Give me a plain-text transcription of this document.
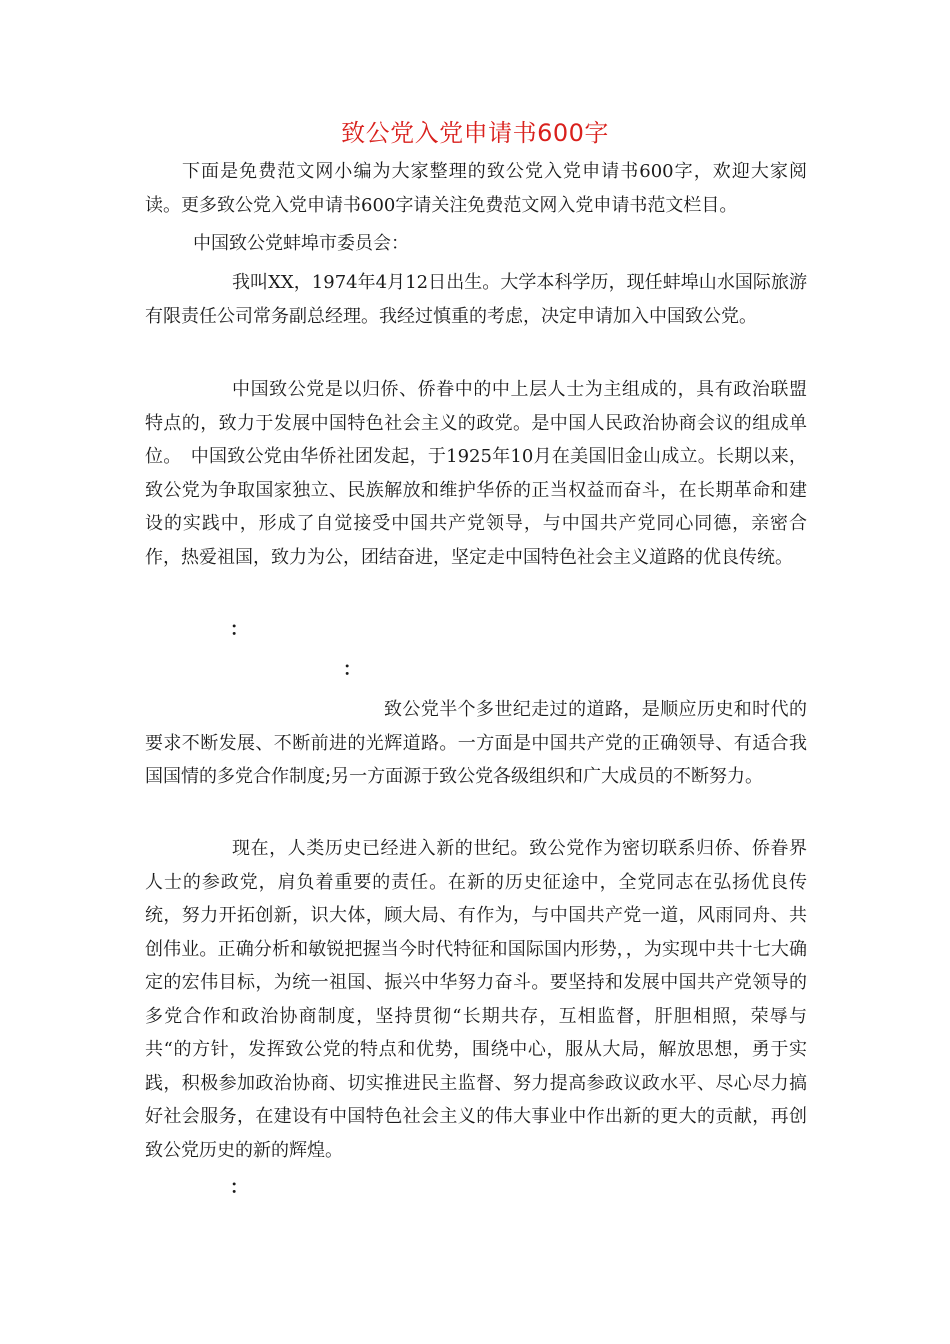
致公党入党申请书600字

下面是免费范文网小编为大家整理的致公党入党申请书600字，欢迎大家阅读。更多致公党入党申请书600字请关注免费范文网入党申请书范文栏目。

中国致公党蚌埠市委员会：

我叫XX，1974年4月12日出生。大学本科学历，现任蚌埠山水国际旅游有限责任公司常务副总经理。我经过慎重的考虑，决定申请加入中国致公党。

中国致公党是以归侨、侨眷中的中上层人士为主组成的，具有政治联盟特点的，致力于发展中国特色社会主义的政党。是中国人民政治协商会议的组成单位。　中国致公党由华侨社团发起，于1925年10月在美国旧金山成立。长期以来，致公党为争取国家独立、民族解放和维护华侨的正当权益而奋斗，在长期革命和建设的实践中，形成了自觉接受中国共产党领导，与中国共产党同心同德，亲密合作，热爱祖国，致力为公，团结奋进，坚定走中国特色社会主义道路的优良传统。

：
：

致公党半个多世纪走过的道路，是顺应历史和时代的要求不断发展、不断前进的光辉道路。一方面是中国共产党的正确领导、有适合我国国情的多党合作制度;另一方面源于致公党各级组织和广大成员的不断努力。

现在，人类历史已经进入新的世纪。致公党作为密切联系归侨、侨眷界人士的参政党，肩负着重要的责任。在新的历史征途中，全党同志在弘扬优良传统，努力开拓创新，识大体，顾大局、有作为，与中国共产党一道，风雨同舟、共创伟业。正确分析和敏锐把握当今时代特征和国际国内形势，，为实现中共十七大确定的宏伟目标，为统一祖国、振兴中华努力奋斗。要坚持和发展中国共产党领导的多党合作和政治协商制度，坚持贯彻“长期共存，互相监督，肝胆相照，荣辱与共“的方针，发挥致公党的特点和优势，围绕中心，服从大局，解放思想，勇于实践，积极参加政治协商、切实推进民主监督、努力提高参政议政水平、尽心尽力搞好社会服务，在建设有中国特色社会主义的伟大事业中作出新的更大的贡献，再创致公党历史的新的辉煌。

：
